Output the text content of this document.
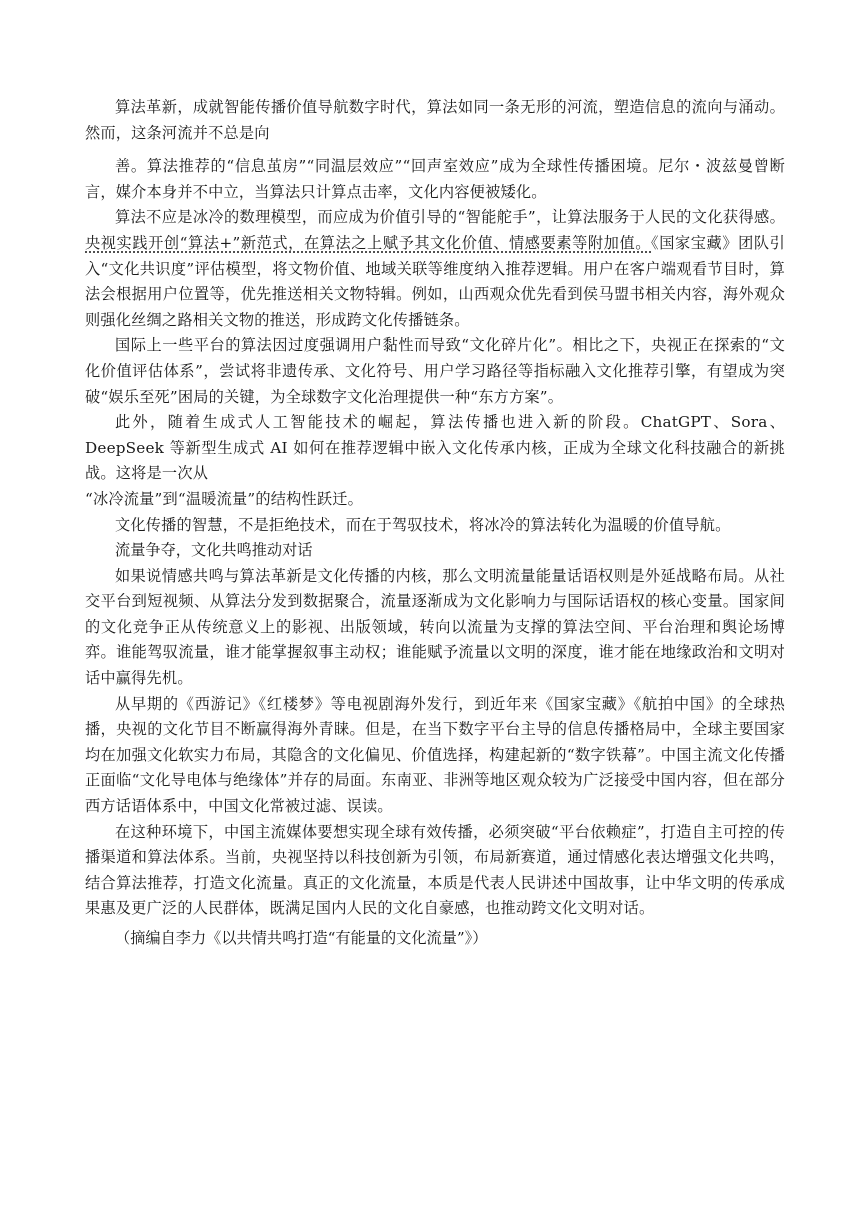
算法革新，成就智能传播价值导航数字时代，算法如同一条无形的河流，塑造信息的流向与涌动。然而，这条河流并不总是向

善。算法推荐的“信息茧房”“同温层效应”“回声室效应”成为全球性传播困境。尼尔・波兹曼曾断言，媒介本身并不中立，当算法只计算点击率，文化内容便被矮化。

算法不应是冰冷的数理模型，而应成为价值引导的“智能舵手”，让算法服务于人民的文化获得感。央视实践开创“算法+”新范式，在算法之上赋予其文化价值、情感要素等附加值。《国家宝藏》团队引入“文化共识度”评估模型，将文物价值、地域关联等维度纳入推荐逻辑。用户在客户端观看节目时，算法会根据用户位置等，优先推送相关文物特辑。例如，山西观众优先看到侯马盟书相关内容，海外观众则强化丝绸之路相关文物的推送，形成跨文化传播链条。

国际上一些平台的算法因过度强调用户黏性而导致“文化碎片化”。相比之下，央视正在探索的“文化价值评估体系”，尝试将非遗传承、文化符号、用户学习路径等指标融入文化推荐引擎，有望成为突破“娱乐至死”困局的关键，为全球数字文化治理提供一种“东方方案”。

此外，随着生成式人工智能技术的崛起，算法传播也进入新的阶段。ChatGPT、Sora、DeepSeek 等新型生成式 AI 如何在推荐逻辑中嵌入文化传承内核，正成为全球文化科技融合的新挑战。这将是一次从

“冰冷流量”到“温暖流量”的结构性跃迁。

文化传播的智慧，不是拒绝技术，而在于驾驭技术，将冰冷的算法转化为温暖的价值导航。

流量争夺，文化共鸣推动对话

如果说情感共鸣与算法革新是文化传播的内核，那么文明流量能量话语权则是外延战略布局。从社交平台到短视频、从算法分发到数据聚合，流量逐渐成为文化影响力与国际话语权的核心变量。国家间的文化竞争正从传统意义上的影视、出版领域，转向以流量为支撑的算法空间、平台治理和舆论场博弈。谁能驾驭流量，谁才能掌握叙事主动权；谁能赋予流量以文明的深度，谁才能在地缘政治和文明对话中赢得先机。

从早期的《西游记》《红楼梦》等电视剧海外发行，到近年来《国家宝藏》《航拍中国》的全球热播，央视的文化节目不断赢得海外青睐。但是，在当下数字平台主导的信息传播格局中，全球主要国家均在加强文化软实力布局，其隐含的文化偏见、价值选择，构建起新的“数字铁幕”。中国主流文化传播正面临“文化导电体与绝缘体”并存的局面。东南亚、非洲等地区观众较为广泛接受中国内容，但在部分西方话语体系中，中国文化常被过滤、误读。

在这种环境下，中国主流媒体要想实现全球有效传播，必须突破“平台依赖症”，打造自主可控的传播渠道和算法体系。当前，央视坚持以科技创新为引领，布局新赛道，通过情感化表达增强文化共鸣，结合算法推荐，打造文化流量。真正的文化流量，本质是代表人民讲述中国故事，让中华文明的传承成果惠及更广泛的人民群体，既满足国内人民的文化自豪感，也推动跨文化文明对话。

（摘编自李力《以共情共鸣打造“有能量的文化流量”》）
